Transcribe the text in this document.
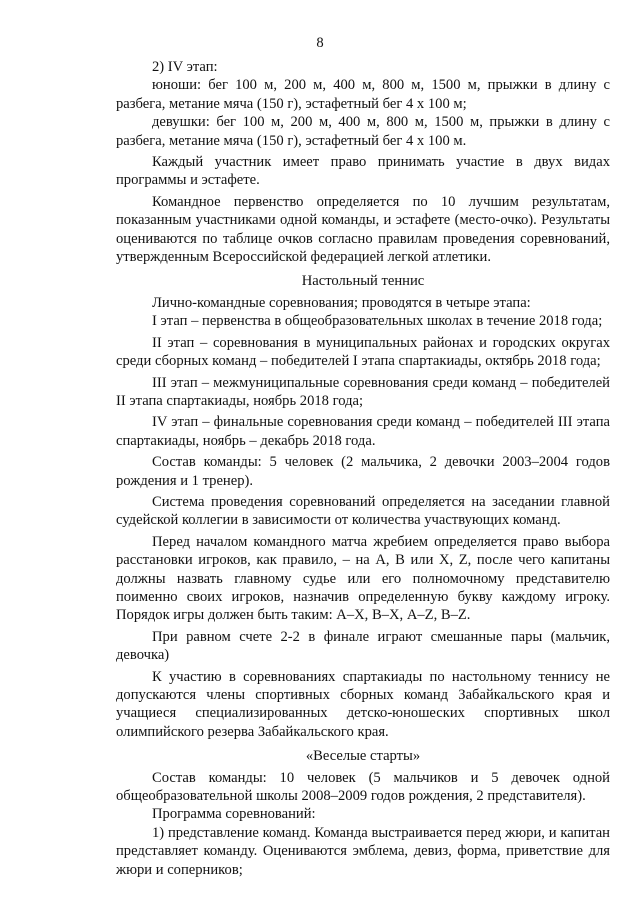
8

2) IV этап:

юноши: бег 100 м, 200 м, 400 м, 800 м, 1500 м, прыжки в длину с разбега, метание мяча (150 г), эстафетный бег 4 х 100 м;

девушки: бег 100 м, 200 м, 400 м, 800 м, 1500 м, прыжки в длину с разбега, метание мяча (150 г), эстафетный бег 4 х 100 м.

Каждый участник имеет право принимать участие в двух видах программы и эстафете.

Командное первенство определяется по 10 лучшим результатам, показанным участниками одной команды, и эстафете (место-очко). Результаты оцениваются по таблице очков согласно правилам проведения соревнований, утвержденным Всероссийской федерацией легкой атлетики.

Настольный теннис

Лично-командные соревнования; проводятся в четыре этапа:

I этап – первенства в общеобразовательных школах в течение 2018 года;

II этап – соревнования в муниципальных районах и городских округах среди сборных команд – победителей I этапа спартакиады, октябрь 2018 года;

III этап – межмуниципальные соревнования среди команд – победителей II этапа спартакиады, ноябрь 2018 года;

IV этап – финальные соревнования среди команд – победителей III этапа спартакиады, ноябрь – декабрь 2018 года.

Состав команды: 5 человек (2 мальчика, 2 девочки 2003–2004 годов рождения и 1 тренер).

Система проведения соревнований определяется на заседании главной судейской коллегии в зависимости от количества участвующих команд.

Перед началом командного матча жребием определяется право выбора расстановки игроков, как правило, – на А, В или X, Z, после чего капитаны должны назвать главному судье или его полномочному представителю поименно своих игроков, назначив определенную букву каждому игроку. Порядок игры должен быть таким: А–X, В–X, А–Z, В–Z.

При равном счете 2-2 в финале играют смешанные пары (мальчик, девочка)

К участию в соревнованиях спартакиады по настольному теннису не допускаются члены спортивных сборных команд Забайкальского края и учащиеся специализированных детско-юношеских спортивных школ олимпийского резерва Забайкальского края.

«Веселые старты»

Состав команды: 10 человек (5 мальчиков и 5 девочек одной общеобразовательной школы 2008–2009 годов рождения, 2 представителя).

Программа соревнований:

1) представление команд. Команда выстраивается перед жюри, и капитан представляет команду. Оцениваются эмблема, девиз, форма, приветствие для жюри и соперников;
